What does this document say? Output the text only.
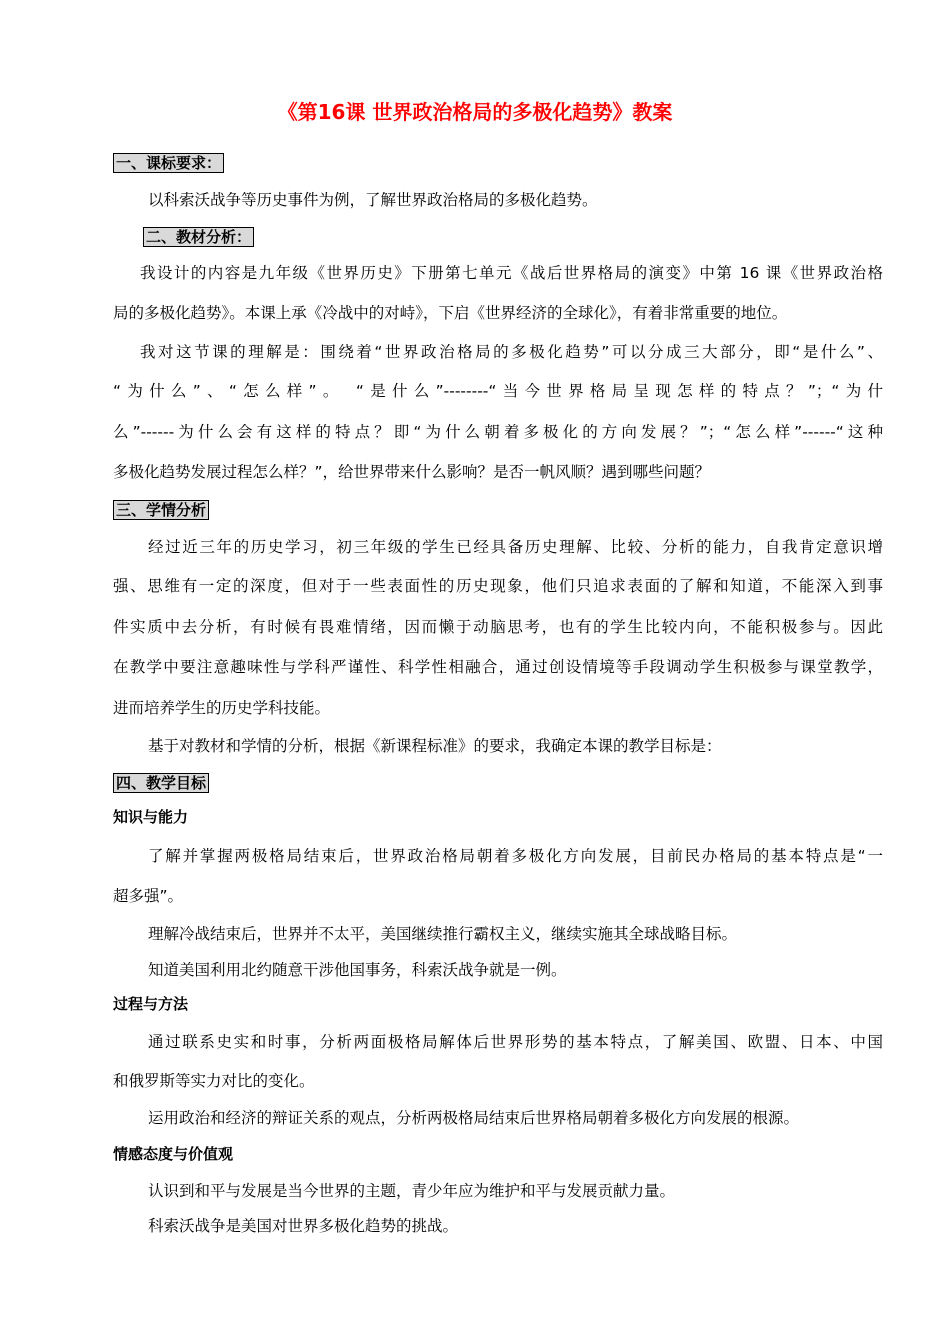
《第16课 世界政治格局的多极化趋势》教案
一、课标要求：
以科索沃战争等历史事件为例，了解世界政治格局的多极化趋势。
二、教材分析：
我设计的内容是九年级《世界历史》下册第七单元《战后世界格局的演变》中第 16 课《世界政治格
局的多极化趋势》。本课上承《冷战中的对峙》，下启《世界经济的全球化》，有着非常重要的地位。
我对这节课的理解是：围绕着“世界政治格局的多极化趋势”可以分成三大部分，即“是什么”、
“为什么”、“怎么样”。 “是什么”--------“当今世界格局呈现怎样的特点？”；“为什
么”------为什么会有这样的特点？即“为什么朝着多极化的方向发展？”；“怎么样”------“这种
多极化趋势发展过程怎么样？”，给世界带来什么影响？是否一帆风顺？遇到哪些问题？
三、学情分析
经过近三年的历史学习，初三年级的学生已经具备历史理解、比较、分析的能力，自我肯定意识增
强、思维有一定的深度，但对于一些表面性的历史现象，他们只追求表面的了解和知道，不能深入到事
件实质中去分析，有时候有畏难情绪，因而懒于动脑思考，也有的学生比较内向，不能积极参与。因此
在教学中要注意趣味性与学科严谨性、科学性相融合，通过创设情境等手段调动学生积极参与课堂教学，
进而培养学生的历史学科技能。
基于对教材和学情的分析，根据《新课程标准》的要求，我确定本课的教学目标是：
四、教学目标
知识与能力
了解并掌握两极格局结束后，世界政治格局朝着多极化方向发展，目前民办格局的基本特点是“一
超多强”。
理解冷战结束后，世界并不太平，美国继续推行霸权主义，继续实施其全球战略目标。
知道美国利用北约随意干涉他国事务，科索沃战争就是一例。
过程与方法
通过联系史实和时事，分析两面极格局解体后世界形势的基本特点，了解美国、欧盟、日本、中国
和俄罗斯等实力对比的变化。
运用政治和经济的辩证关系的观点，分析两极格局结束后世界格局朝着多极化方向发展的根源。
情感态度与价值观
认识到和平与发展是当今世界的主题，青少年应为维护和平与发展贡献力量。
科索沃战争是美国对世界多极化趋势的挑战。
